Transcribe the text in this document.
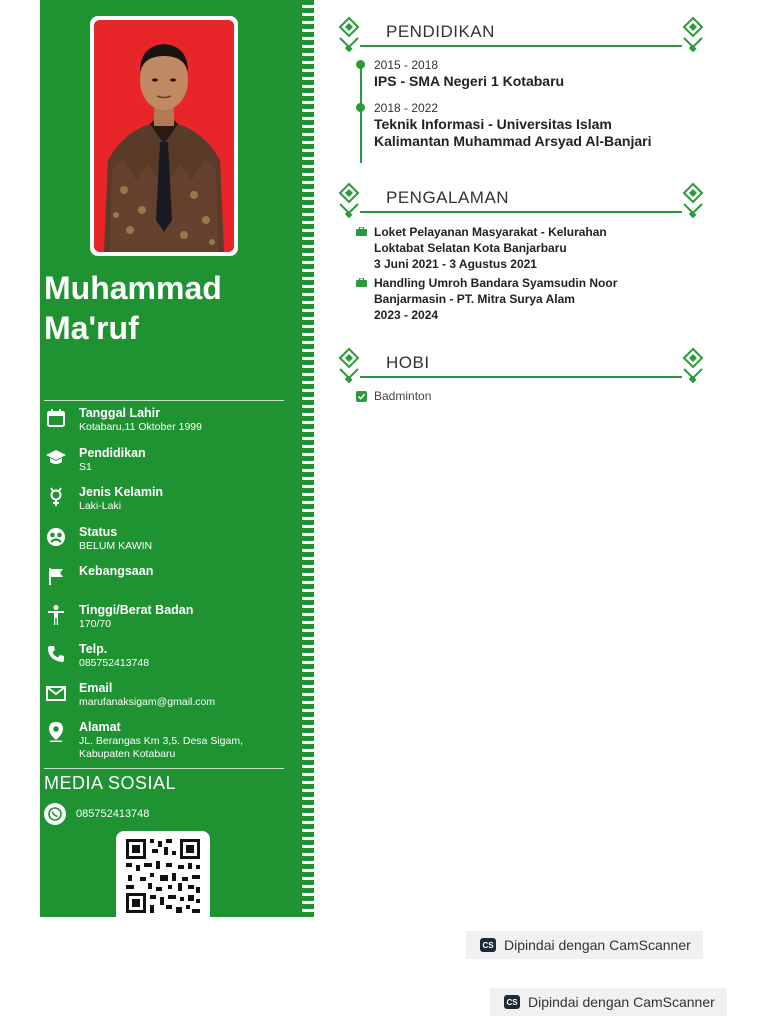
Muhammad
Ma'ruf
Tanggal Lahir
Kotabaru,11 Oktober 1999
Pendidikan
S1
Jenis Kelamin
Laki-Laki
Status
BELUM KAWIN
Kebangsaan
Tinggi/Berat Badan
170/70
Telp.
085752413748
Email
marufanaksigam@gmail.com
Alamat
JL. Berangas Km 3,5. Desa Sigam,
Kabupaten Kotabaru
MEDIA SOSIAL
085752413748
PENDIDIKAN
2015 - 2018
IPS - SMA Negeri 1 Kotabaru
2018 - 2022
Teknik Informasi - Universitas Islam
Kalimantan Muhammad Arsyad Al-Banjari
PENGALAMAN
Loket Pelayanan Masyarakat - Kelurahan
Loktabat Selatan Kota Banjarbaru
3 Juni 2021 - 3 Agustus 2021
Handling Umroh Bandara Syamsudin Noor
Banjarmasin - PT. Mitra Surya Alam
2023 - 2024
HOBI
Badminton
CS Dipindai dengan CamScanner
CS Dipindai dengan CamScanner
